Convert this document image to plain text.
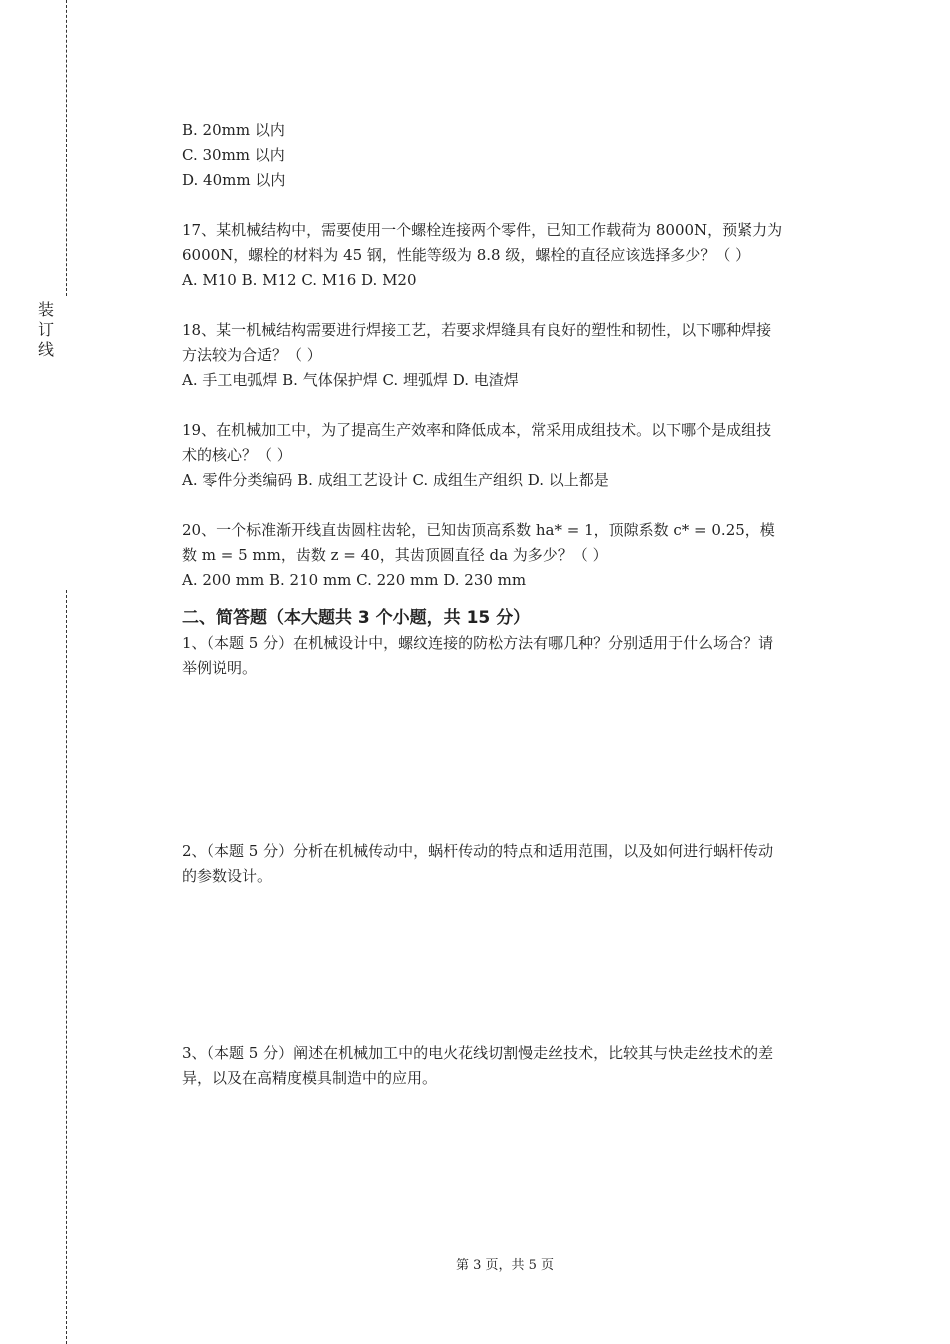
装
订
线

B. 20mm 以内

C. 30mm 以内

D. 40mm 以内

17、某机械结构中，需要使用一个螺栓连接两个零件，已知工作载荷为 8000N，预紧力为

6000N，螺栓的材料为 45 钢，性能等级为 8.8 级，螺栓的直径应该选择多少？（ ）

A. M10 B. M12 C. M16 D. M20

18、某一机械结构需要进行焊接工艺，若要求焊缝具有良好的塑性和韧性，以下哪种焊接

方法较为合适？（ ）

A. 手工电弧焊 B. 气体保护焊 C. 埋弧焊 D. 电渣焊

19、在机械加工中，为了提高生产效率和降低成本，常采用成组技术。以下哪个是成组技

术的核心？（ ）

A. 零件分类编码 B. 成组工艺设计 C. 成组生产组织 D. 以上都是

20、一个标准渐开线直齿圆柱齿轮，已知齿顶高系数 ha* = 1，顶隙系数 c* = 0.25，模

数 m = 5 mm，齿数 z = 40，其齿顶圆直径 da 为多少？（ ）

A. 200 mm B. 210 mm C. 220 mm D. 230 mm

二、简答题（本大题共 3 个小题，共 15 分）

1、（本题 5 分）在机械设计中，螺纹连接的防松方法有哪几种？分别适用于什么场合？请

举例说明。

2、（本题 5 分）分析在机械传动中，蜗杆传动的特点和适用范围，以及如何进行蜗杆传动

的参数设计。

3、（本题 5 分）阐述在机械加工中的电火花线切割慢走丝技术，比较其与快走丝技术的差

异，以及在高精度模具制造中的应用。

第 3 页，共 5 页
